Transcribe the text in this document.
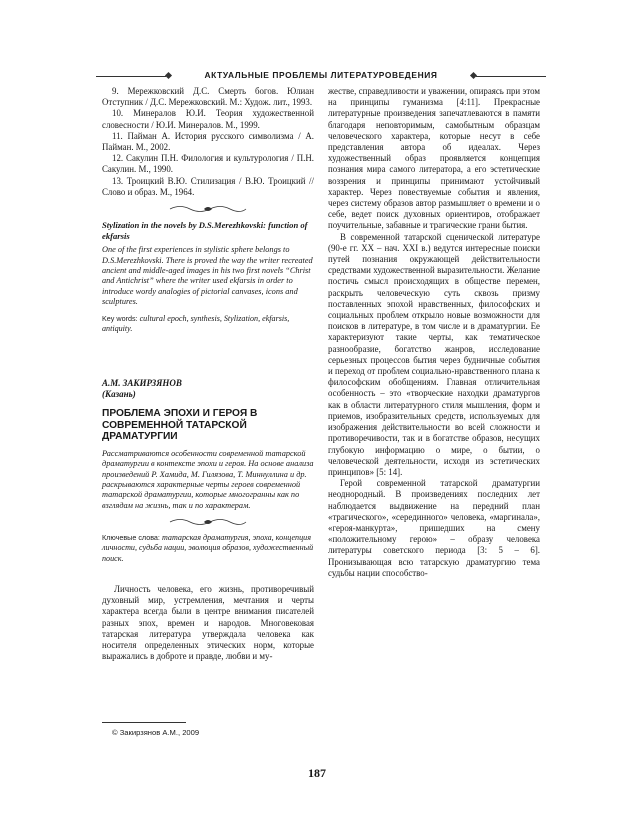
АКТУАЛЬНЫЕ ПРОБЛЕМЫ ЛИТЕРАТУРОВЕДЕНИЯ

9. Мережковский Д.С. Смерть богов. Юлиан Отступник / Д.С. Мережковский. М.: Худож. лит., 1993.

10. Минералов Ю.И. Теория художественной словесности / Ю.И. Минералов. М., 1999.

11. Пайман А. История русского символизма / А. Пайман. М., 2002.

12. Сакулин П.Н. Филология и культурология / П.Н. Сакулин. М., 1990.

13. Троицкий В.Ю. Стилизация / В.Ю. Троицкий // Слово и образ. М., 1964.

Stylization in the novels by D.S.Merezhkovski: function of ekfarsis
One of the first experiences in stylistic sphere belongs to D.S.Merezhkovski. There is proved the way the writer recreated ancient and middle-aged images in his two first novels “Christ and Antichrist” where the writer used ekfarsis in order to introduce wordy analogies of pictorial canvases, icons and sculptures.

Key words: cultural epoch, synthesis, Stylization, ekfarsis, antiquity.

А.М. ЗАКИРЗЯНОВ
(Казань)
ПРОБЛЕМА ЭПОХИ И ГЕРОЯ В СОВРЕМЕННОЙ ТАТАРСКОЙ ДРАМАТУРГИИ
Рассматриваются особенности современной татарской драматургии в контексте эпохи и героя. На основе анализа произведений Р. Хамида, М. Гилязова, Т. Миннуллина и др. раскрываются характерные черты героев современной татарской драматургии, которые многогранны как по взглядам на жизнь, так и по характерам.

Ключевые слова: татарская драматургия, эпоха, концепция личности, судьба нации, эволюция образов, художественный поиск.

Личность человека, его жизнь, противоречивый духовный мир, устремления, мечтания и черты характера всегда были в центре внимания писателей разных эпох, времен и народов. Многовековая татарская литература утверждала человека как носителя определенных этических норм, которые выражались в доброте и правде, любви и му-

жестве, справедливости и уважении, опираясь при этом на принципы гуманизма [4:11]. Прекрасные литературные произведения запечатлеваются в памяти благодаря неповторимым, самобытным образцам человеческого характера, которые несут в себе представления автора об идеалах. Через художественный образ проявляется концепция познания мира самого литератора, а его эстетические воззрения и принципы принимают устойчивый характер. Через повествуемые события и явления, через систему образов автор размышляет о времени и о себе, ведет поиск духовных ориентиров, отображает поучительные, забавные и трагические грани бытия.

В современной татарской сценической литературе (90-е гг. XX – нач. XXI в.) ведутся интересные поиски путей познания окружающей действительности средствами художественной выразительности. Желание постичь смысл происходящих в обществе перемен, раскрыть человеческую суть сквозь призму поставленных эпохой нравственных, философских и социальных проблем открыло новые возможности для поисков в литературе, в том числе и в драматургии. Ее характеризуют такие черты, как тематическое разнообразие, богатство жанров, исследование серьезных процессов бытия через будничные события и переход от проблем социально-нравственного плана к философским обобщениям. Главная отличительная особенность – это «творческие находки драматургов как в области литературного стиля мышления, форм и приемов, изобразительных средств, используемых для изображения действительности во всей сложности и противоречивости, так и в богатстве образов, несущих глубокую информацию о мире, о бытии, о человеческой деятельности, исходя из эстетических принципов» [5: 14].

Герой современной татарской драматургии неоднородный. В произведениях последних лет наблюдается выдвижение на передний план «трагического», «серединного» человека, «маргинала», «героя-манкурта», пришедших на смену «положительному герою» – образу человека литературы советского периода [3: 5 – 6]. Пронизывающая всю татарскую драматургию тема судьбы нации способство-

© Закирзянов А.М., 2009
187
